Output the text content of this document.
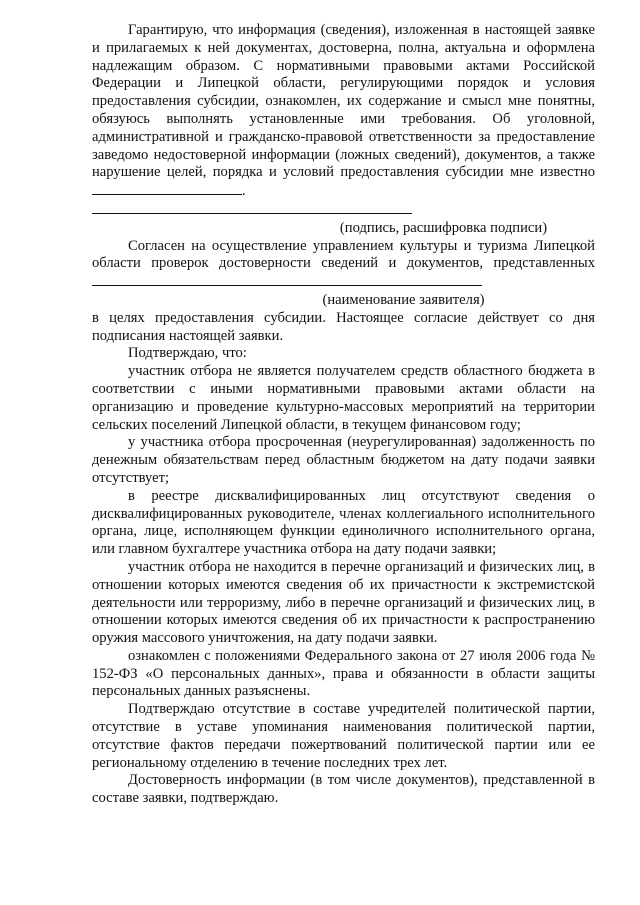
Гарантирую, что информация (сведения), изложенная в настоящей заявке и прилагаемых к ней документах, достоверна, полна, актуальна и оформлена надлежащим образом. С нормативными правовыми актами Российской Федерации и Липецкой области, регулирующими порядок и условия предоставления субсидии, ознакомлен, их содержание и смысл мне понятны, обязуюсь выполнять установленные ими требования. Об уголовной, административной и гражданско-правовой ответственности за предоставление заведомо недостоверной информации (ложных сведений), документов, а также нарушение целей, порядка и условий предоставления субсидии мне известно.

(подпись, расшифровка подписи)

Согласен на осуществление управлением культуры и туризма Липецкой области проверок достоверности сведений и документов, представленных

(наименование заявителя)

в целях предоставления субсидии. Настоящее согласие действует со дня подписания настоящей заявки.

Подтверждаю, что:

участник отбора не является получателем средств областного бюджета в соответствии с иными нормативными правовыми актами области на организацию и проведение культурно-массовых мероприятий на территории сельских поселений Липецкой области, в текущем финансовом году;

у участника отбора просроченная (неурегулированная) задолженность по денежным обязательствам перед областным бюджетом на дату подачи заявки отсутствует;

в реестре дисквалифицированных лиц отсутствуют сведения о дисквалифицированных руководителе, членах коллегиального исполнительного органа, лице, исполняющем функции единоличного исполнительного органа, или главном бухгалтере участника отбора на дату подачи заявки;

участник отбора не находится в перечне организаций и физических лиц, в отношении которых имеются сведения об их причастности к экстремистской деятельности или терроризму, либо в перечне организаций и физических лиц, в отношении которых имеются сведения об их причастности к распространению оружия массового уничтожения, на дату подачи заявки.

ознакомлен с положениями Федерального закона от 27 июля 2006 года № 152-ФЗ «О персональных данных», права и обязанности в области защиты персональных данных разъяснены.

Подтверждаю отсутствие в составе учредителей политической партии, отсутствие в уставе упоминания наименования политической партии, отсутствие фактов передачи пожертвований политической партии или ее региональному отделению в течение последних трех лет.

Достоверность информации (в том числе документов), представленной в составе заявки, подтверждаю.
